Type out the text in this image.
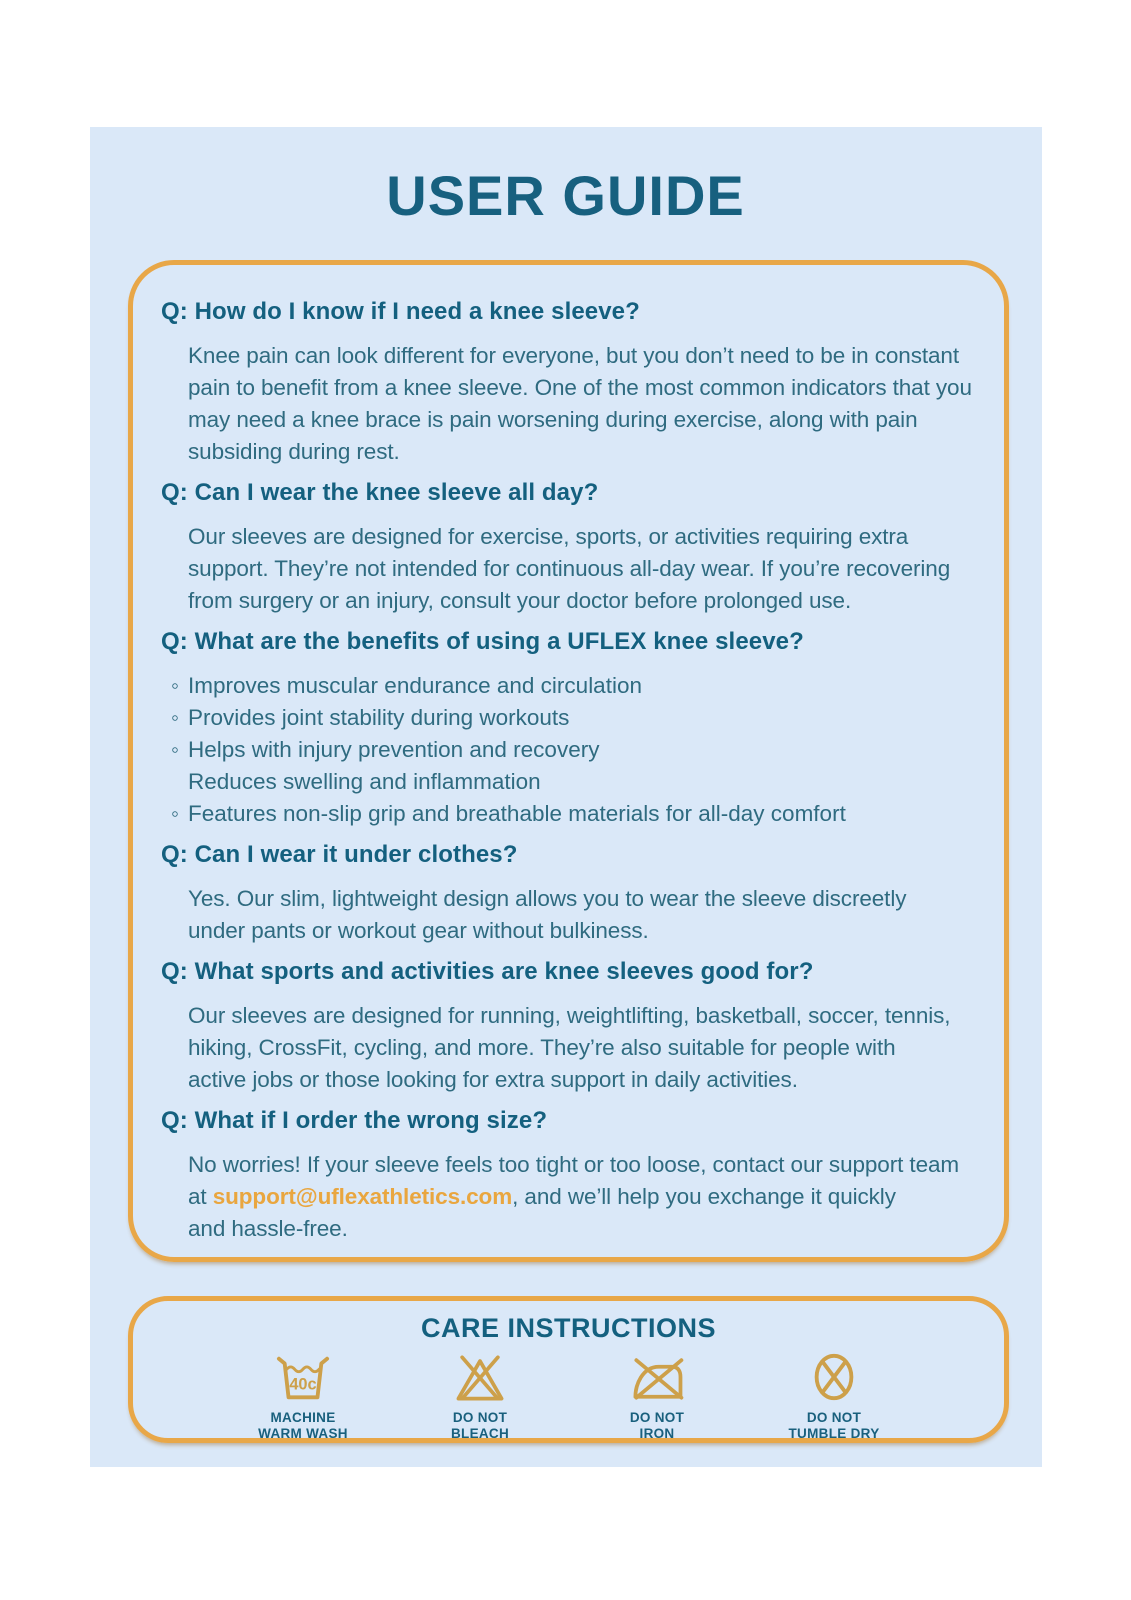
USER GUIDE
Q: How do I know if I need a knee sleeve?
Knee pain can look different for everyone, but you don’t need to be in constant
pain to benefit from a knee sleeve. One of the most common indicators that you
may need a knee brace is pain worsening during exercise, along with pain
subsiding during rest.
Q: Can I wear the knee sleeve all day?
Our sleeves are designed for exercise, sports, or activities requiring extra
support. They’re not intended for continuous all-day wear. If you’re recovering
from surgery or an injury, consult your doctor before prolonged use.
Q: What are the benefits of using a UFLEX knee sleeve?
◦ Improves muscular endurance and circulation
◦ Provides joint stability during workouts
◦ Helps with injury prevention and recovery
Reduces swelling and inflammation
◦ Features non-slip grip and breathable materials for all-day comfort
Q: Can I wear it under clothes?
Yes. Our slim, lightweight design allows you to wear the sleeve discreetly
under pants or workout gear without bulkiness.
Q: What sports and activities are knee sleeves good for?
Our sleeves are designed for running, weightlifting, basketball, soccer, tennis,
hiking, CrossFit, cycling, and more. They’re also suitable for people with
active jobs or those looking for extra support in daily activities.
Q: What if I order the wrong size?
No worries! If your sleeve feels too tight or too loose, contact our support team
at support@uflexathletics.com, and we’ll help you exchange it quickly
and hassle-free.
CARE INSTRUCTIONS
40c
MACHINE
WARM WASH
DO NOT
BLEACH
DO NOT
IRON
DO NOT
TUMBLE DRY
